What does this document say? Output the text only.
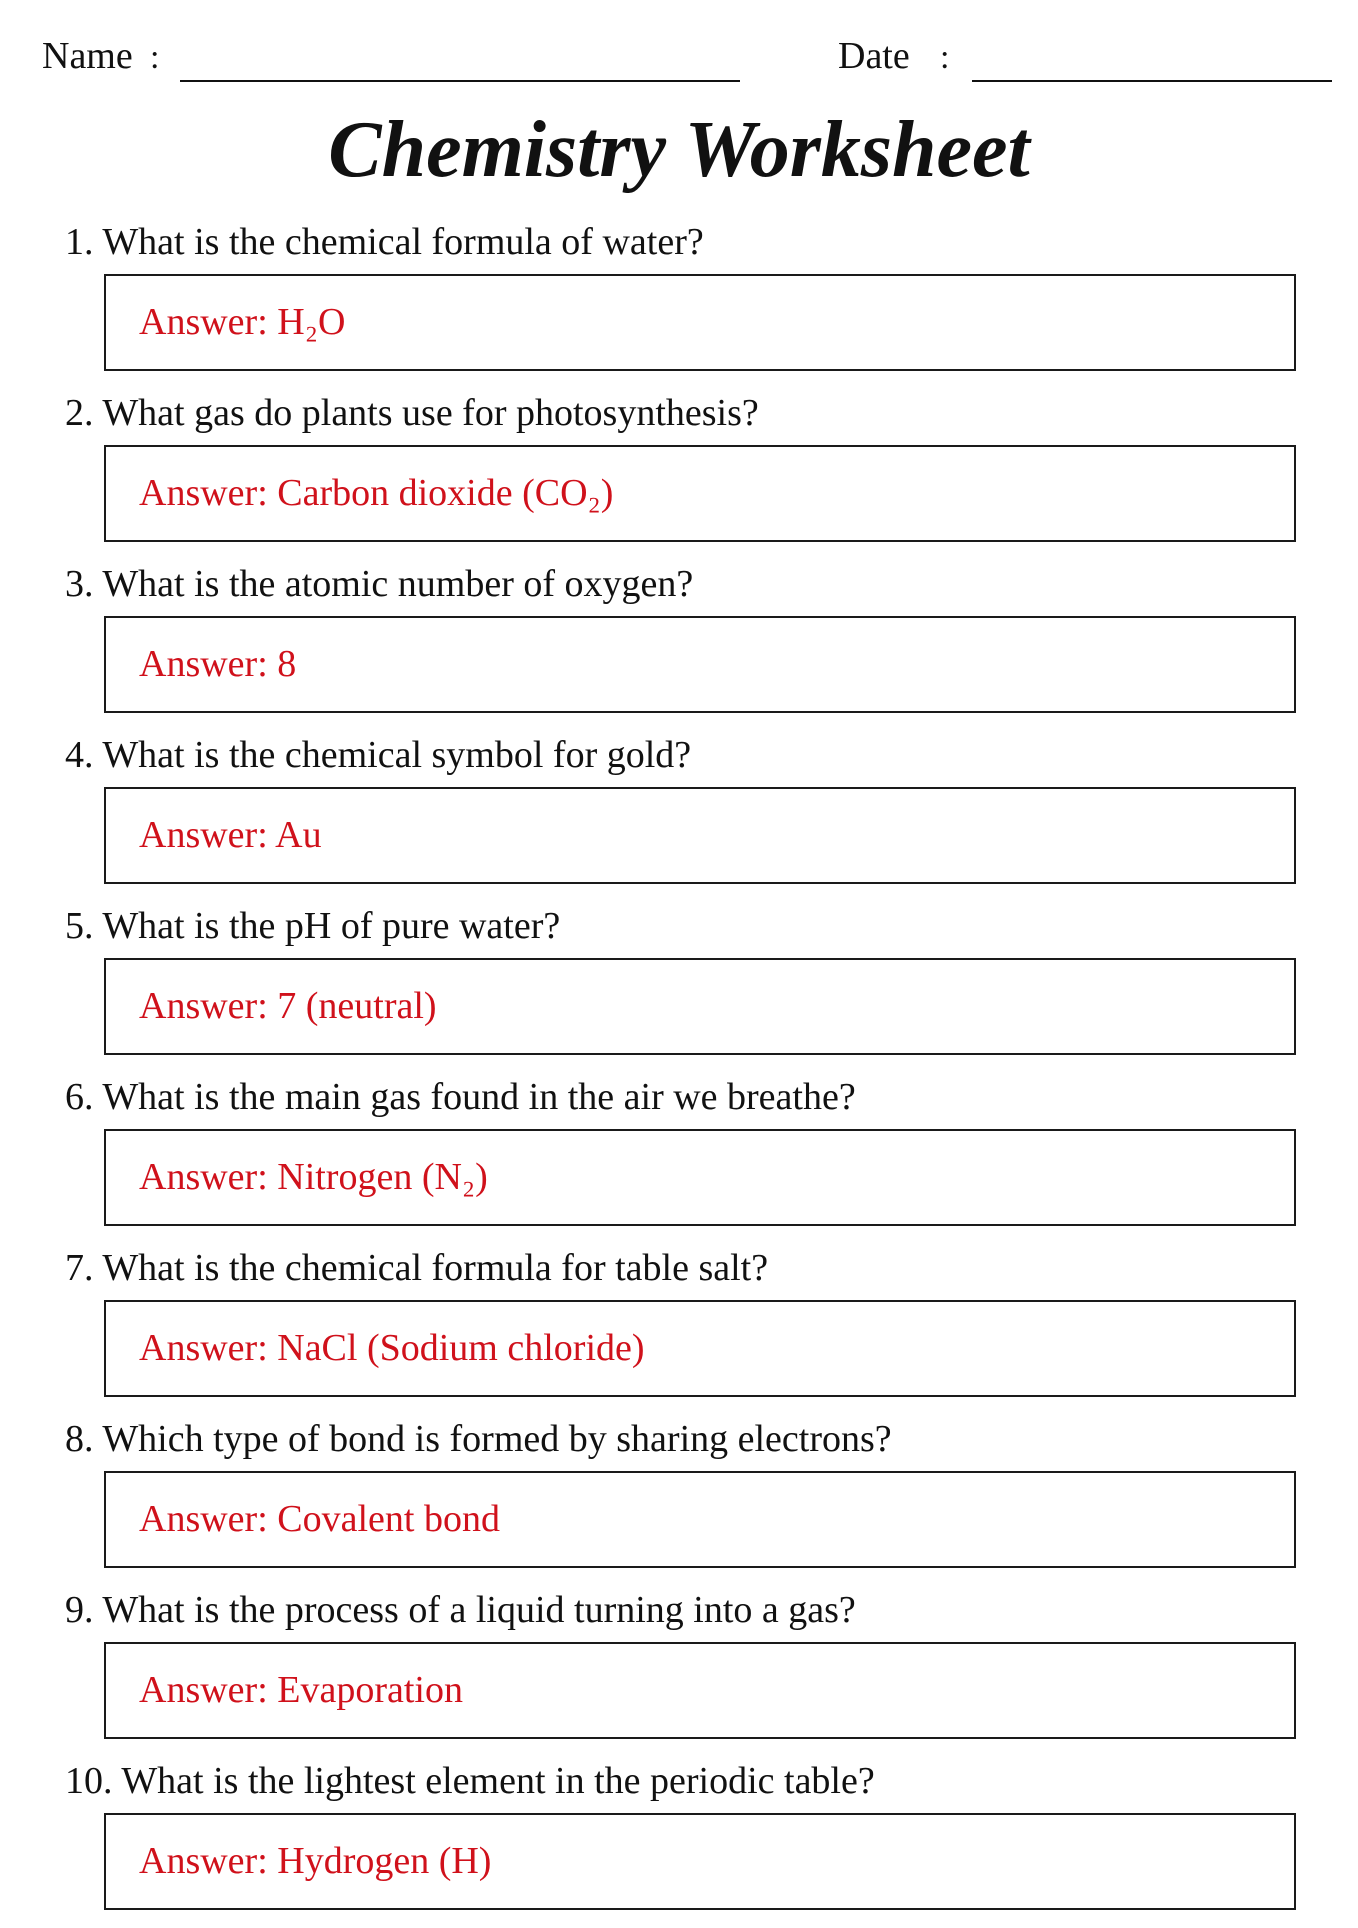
Name :	Date :
Chemistry Worksheet
1. What is the chemical formula of water?
Answer: H₂O
2. What gas do plants use for photosynthesis?
Answer: Carbon dioxide (CO₂)
3. What is the atomic number of oxygen?
Answer: 8
4. What is the chemical symbol for gold?
Answer: Au
5. What is the pH of pure water?
Answer: 7 (neutral)
6. What is the main gas found in the air we breathe?
Answer: Nitrogen (N₂)
7. What is the chemical formula for table salt?
Answer: NaCl (Sodium chloride)
8. Which type of bond is formed by sharing electrons?
Answer: Covalent bond
9. What is the process of a liquid turning into a gas?
Answer: Evaporation
10. What is the lightest element in the periodic table?
Answer: Hydrogen (H)
